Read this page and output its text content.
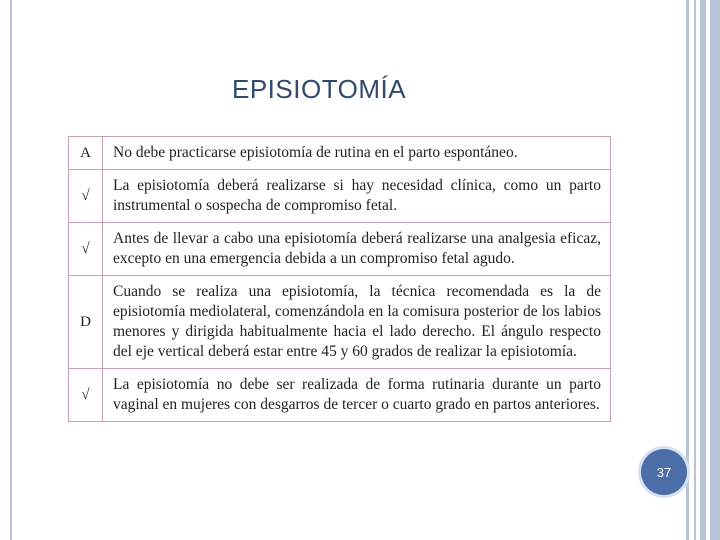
EPISIOTOMÍA
A	No debe practicarse episiotomía de rutina en el parto espontáneo.
√	La episiotomía deberá realizarse si hay necesidad clínica, como un parto instrumental o sospecha de compromiso fetal.
√	Antes de llevar a cabo una episiotomía deberá realizarse una analgesia eficaz, excepto en una emergencia debida a un compromiso fetal agudo.
D	Cuando se realiza una episiotomía, la técnica recomendada es la de episiotomía mediolateral, comenzándola en la comisura posterior de los labios menores y dirigida habitualmente hacia el lado derecho. El ángulo respecto del eje vertical deberá estar entre 45 y 60 grados de realizar la episiotomía.
√	La episiotomía no debe ser realizada de forma rutinaria durante un parto vaginal en mujeres con desgarros de tercer o cuarto grado en partos anteriores.
37
